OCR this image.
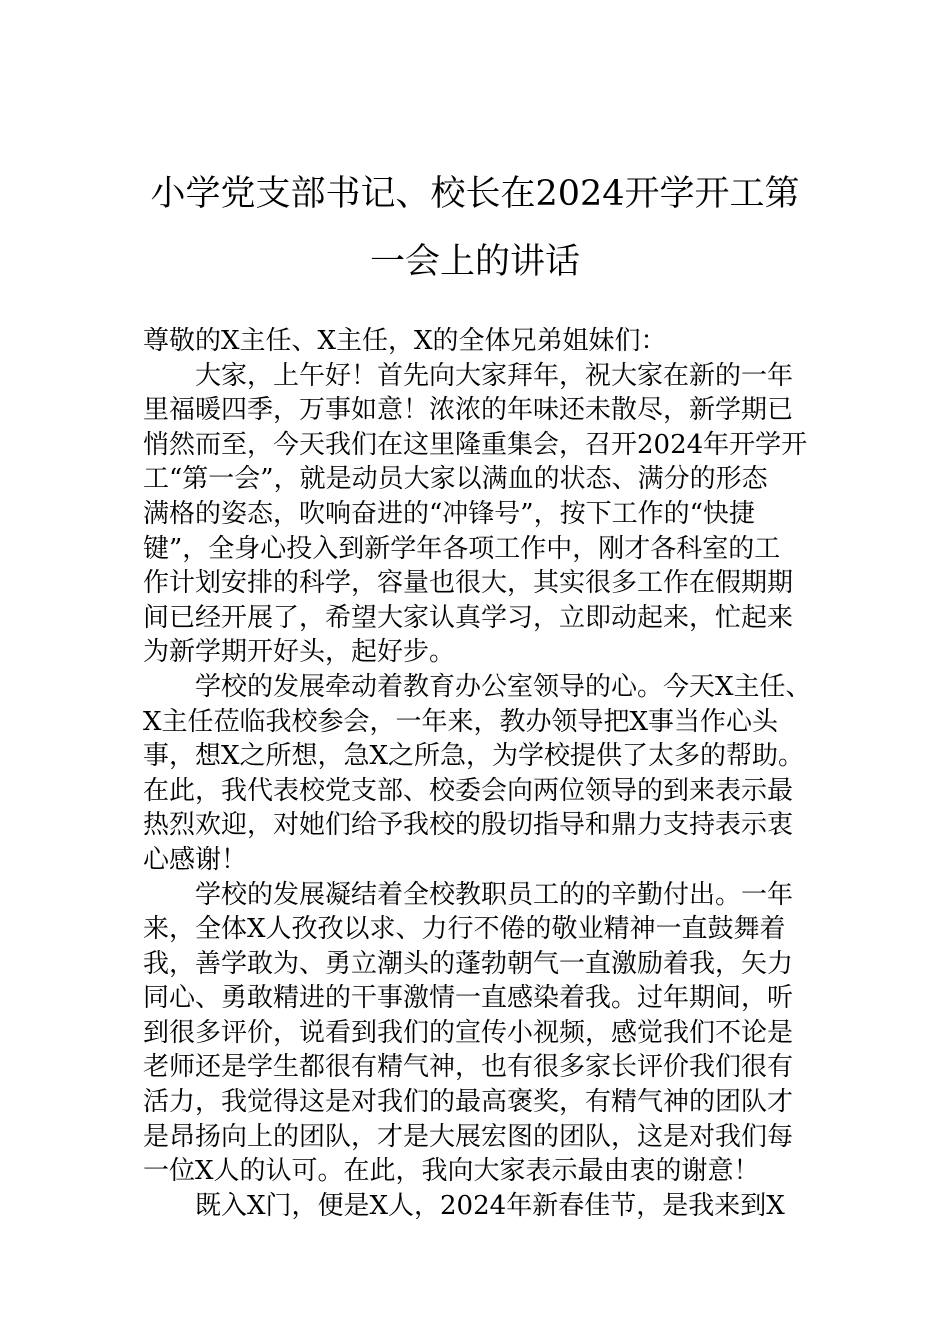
小学党支部书记、校长在2024开学开工第
一会上的讲话
尊敬的X主任、X主任，X的全体兄弟姐妹们：

大家，上午好！首先向大家拜年，祝大家在新的一年
里福暖四季，万事如意！浓浓的年味还未散尽，新学期已
悄然而至，今天我们在这里隆重集会，召开2024年开学开
工“第一会”，就是动员大家以满血的状态、满分的形态
满格的姿态，吹响奋进的“冲锋号”，按下工作的“快捷
键”，全身心投入到新学年各项工作中，刚才各科室的工
作计划安排的科学，容量也很大，其实很多工作在假期期
间已经开展了，希望大家认真学习，立即动起来，忙起来
为新学期开好头，起好步。

学校的发展牵动着教育办公室领导的心。今天X主任、
X主任莅临我校参会，一年来，教办领导把X事当作心头
事，想X之所想，急X之所急，为学校提供了太多的帮助。
在此，我代表校党支部、校委会向两位领导的到来表示最
热烈欢迎，对她们给予我校的殷切指导和鼎力支持表示衷
心感谢！

学校的发展凝结着全校教职员工的的辛勤付出。一年
来，全体X人孜孜以求、力行不倦的敬业精神一直鼓舞着
我，善学敢为、勇立潮头的蓬勃朝气一直激励着我，矢力
同心、勇敢精进的干事激情一直感染着我。过年期间，听
到很多评价，说看到我们的宣传小视频，感觉我们不论是
老师还是学生都很有精气神，也有很多家长评价我们很有
活力，我觉得这是对我们的最高褒奖，有精气神的团队才
是昂扬向上的团队，才是大展宏图的团队，这是对我们每
一位X人的认可。在此，我向大家表示最由衷的谢意！

既入X门，便是X人，2024年新春佳节，是我来到X
